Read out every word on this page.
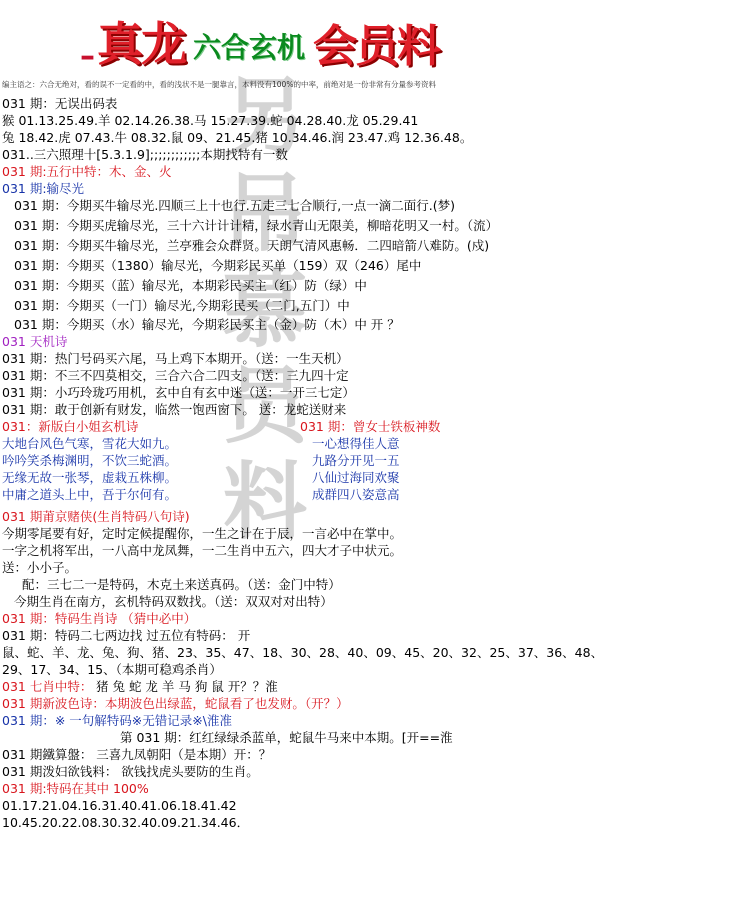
– 真龙 六合玄机 会员料
另吊慕员料
编主语之：六合无绝对，看的误不一定看的中，看的浅状不是一腿靠言，本料没有100%的中率，前绝对是一份非常有分量参考资料
031 期：无误出码表
猴 01.13.25.49.羊 02.14.26.38.马 15.27.39.蛇 04.28.40.龙 05.29.41
兔 18.42.虎 07.43.牛 08.32.鼠 09、21.45.猪 10.34.46.润 23.47.鸡 12.36.48。
031..三六照理十[5.3.1.9];;;;;;;;;;;;本期找特有一数
031 期:五行中特：木、金、火
031 期:输尽光
031 期：今期买牛输尽光.四顺三上十也行.五走三七合顺行,一点一滴二面行.(梦)
031 期：今期买虎输尽光，三十六计计计精，绿水青山无限美，柳暗花明又一村。（流）
031 期：今期买牛输尽光，兰亭雅会众群贤。天朗气清风惠畅．二四暗箭八难防。(戍)
031 期：今期买（1380）输尽光，今期彩民买单（159）双（246）尾中
031 期：今期买（蓝）输尽光，本期彩民买主（红）防（绿）中
031 期：今期买（一门）输尽光,今期彩民买（二门,五门）中
031 期：今期买（水）输尽光，今期彩民买主（金）防（木）中 开 ？
031 天机诗
031 期：热门号码买六尾，马上鸡下本期开。（送：一生天机）
031 期：不三不四莫相交，三合六合二四支。（送：三九四十定
031 期：小巧玲珑巧用机，玄中自有玄中迷（送：一开三七定）
031 期：敢于创新有财发，临然一饱西窗下。 送：龙蛇送财来
031：新版白小姐玄机诗
大地台风色气寒，雪花大如九。
吟吟笑杀梅渊明，不饮三蛇酒。
无缘无故一张琴，虚栽五株柳。
中庸之道头上中，吾于尔何有。
031 期：曾女士铁板神数
一心想得佳人意
九路分开见一五
八仙过海同欢聚
成群四八姿意高
031 期莆京赌侠(生肖特码八句诗)
今期零尾要有好，定时定候提醒你，一生之计在于辰，一言必中在掌中。
一字之机将军出，一八高中龙凤舞，一二生肖中五六，四大才子中状元。
送：小小子。
配：三七二一是特码，木克土来送真码。（送：金门中特）
今期生肖在南方，玄机特码双数找。（送：双双对对出特）
031 期：特码生肖诗 （猜中必中）
031 期：特码二七两边找 过五位有特码： 开
鼠、蛇、羊、龙、兔、狗、猪、23、35、47、18、30、28、40、09、45、20、32、25、37、36、48、
29、17、34、15、（本期可稳鸡杀肖）
031 七肖中特： 猪 兔 蛇 龙 羊 马 狗 鼠 开？？淮
031 期新波色诗：本期波色出绿蓝，蛇鼠看了也发财。（开？）
031 期：※ 一句解特码※无错记录※\淮准
第 031 期：红红绿绿杀蓝单，蛇鼠牛马来中本期。[开==淮
031 期鐵算盤： 三喜九凤朝阳（是本期）开：？
031 期泼妇欲钱料： 欲钱找虎头要防的生肖。
031 期:特码在其中 100%
01.17.21.04.16.31.40.41.06.18.41.42
10.45.20.22.08.30.32.40.09.21.34.46．
